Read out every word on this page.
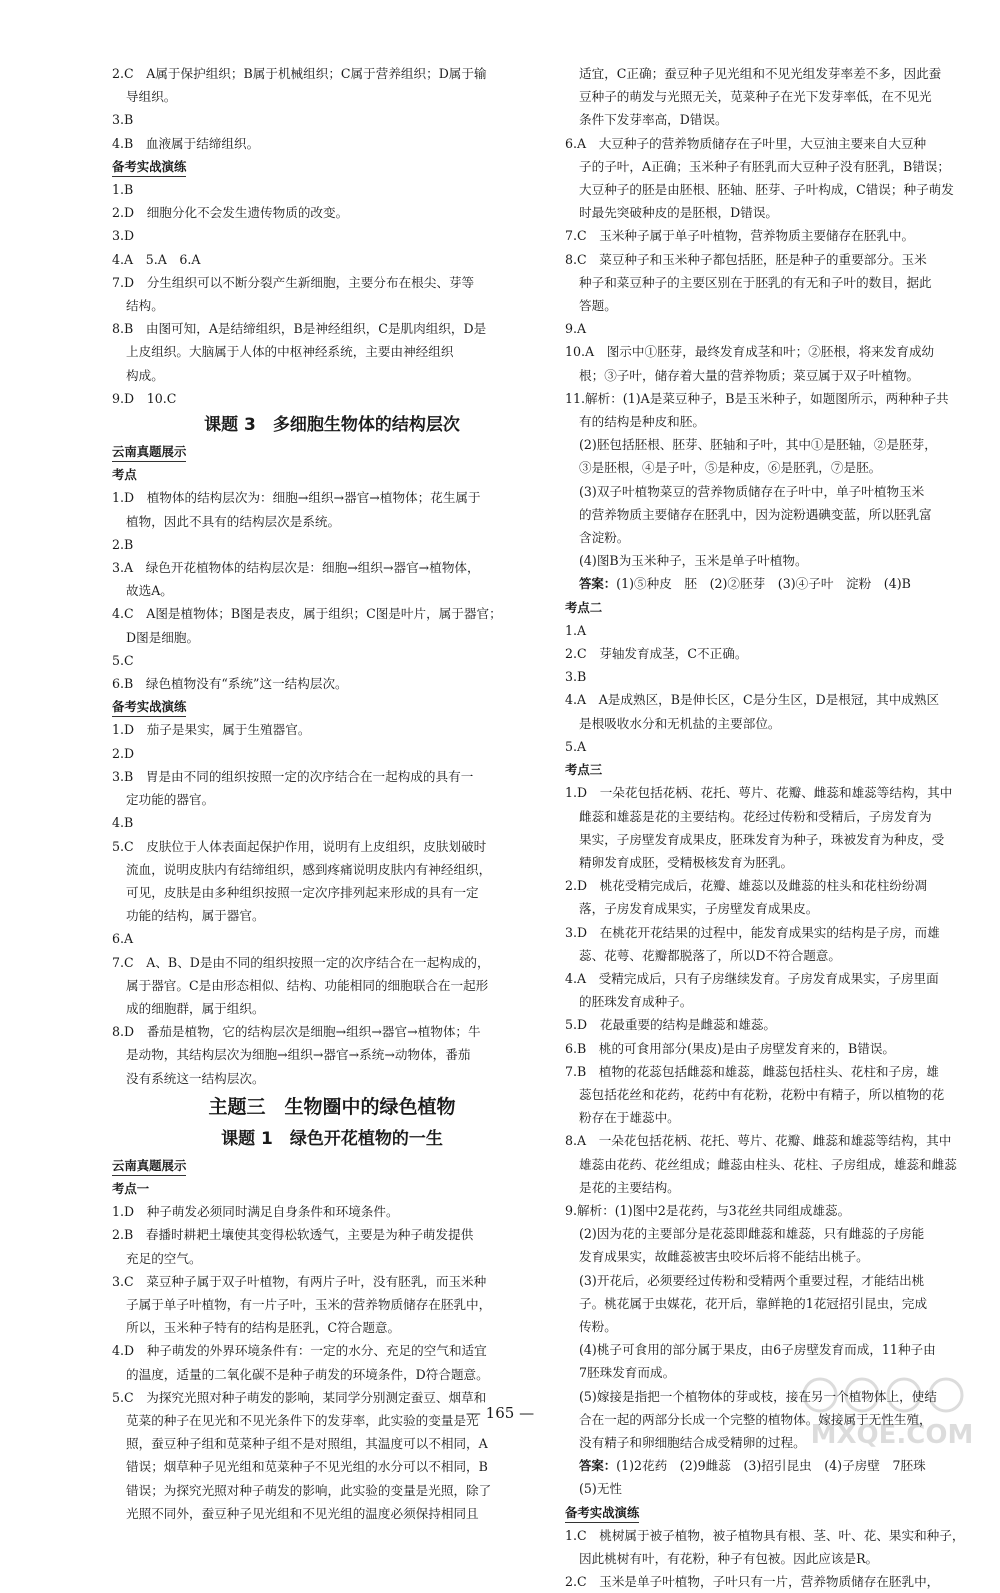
2.C　A属于保护组织；B属于机械组织；C属于营养组织；D属于输
导组织。
3.B
4.B　血液属于结缔组织。
备考实战演练
1.B
2.D　细胞分化不会发生遗传物质的改变。
3.D
4.A　5.A　6.A
7.D　分生组织可以不断分裂产生新细胞，主要分布在根尖、芽等
结构。
8.B　由图可知，A是结缔组织，B是神经组织，C是肌肉组织，D是
上皮组织。大脑属于人体的中枢神经系统，主要由神经组织
构成。
9.D　10.C
课题 3　多细胞生物体的结构层次
云南真题展示
考点
1.D　植物体的结构层次为：细胞→组织→器官→植物体；花生属于
植物，因此不具有的结构层次是系统。
2.B
3.A　绿色开花植物体的结构层次是：细胞→组织→器官→植物体，
故选A。
4.C　A图是植物体；B图是表皮，属于组织；C图是叶片，属于器官；
D图是细胞。
5.C
6.B　绿色植物没有“系统”这一结构层次。
备考实战演练
1.D　茄子是果实，属于生殖器官。
2.D
3.B　胃是由不同的组织按照一定的次序结合在一起构成的具有一
定功能的器官。
4.B
5.C　皮肤位于人体表面起保护作用，说明有上皮组织，皮肤划破时
流血，说明皮肤内有结缔组织，感到疼痛说明皮肤内有神经组织，
可见，皮肤是由多种组织按照一定次序排列起来形成的具有一定
功能的结构，属于器官。
6.A
7.C　A、B、D是由不同的组织按照一定的次序结合在一起构成的，
属于器官。C是由形态相似、结构、功能相同的细胞联合在一起形
成的细胞群，属于组织。
8.D　番茄是植物，它的结构层次是细胞→组织→器官→植物体；牛
是动物，其结构层次为细胞→组织→器官→系统→动物体，番茄
没有系统这一结构层次。
主题三　生物圈中的绿色植物
课题 1　绿色开花植物的一生
云南真题展示
考点一
1.D　种子萌发必须同时满足自身条件和环境条件。
2.B　春播时耕耙土壤使其变得松软透气，主要是为种子萌发提供
充足的空气。
3.C　菜豆种子属于双子叶植物，有两片子叶，没有胚乳，而玉米种
子属于单子叶植物，有一片子叶，玉米的营养物质储存在胚乳中，
所以，玉米种子特有的结构是胚乳，C符合题意。
4.D　种子萌发的外界环境条件有：一定的水分、充足的空气和适宜
的温度，适量的二氧化碳不是种子萌发的环境条件，D符合题意。
5.C　为探究光照对种子萌发的影响，某同学分别测定蚕豆、烟草和
苋菜的种子在见光和不见光条件下的发芽率，此实验的变量是光
照，蚕豆种子组和苋菜种子组不是对照组，其温度可以不相同，A
错误；烟草种子见光组和苋菜种子不见光组的水分可以不相同，B
错误；为探究光照对种子萌发的影响，此实验的变量是光照，除了
光照不同外，蚕豆种子见光组和不见光组的温度必须保持相同且
适宜，C正确；蚕豆种子见光组和不见光组发芽率差不多，因此蚕
豆种子的萌发与光照无关，苋菜种子在光下发芽率低，在不见光
条件下发芽率高，D错误。
6.A　大豆种子的营养物质储存在子叶里，大豆油主要来自大豆种
子的子叶，A正确；玉米种子有胚乳而大豆种子没有胚乳，B错误；
大豆种子的胚是由胚根、胚轴、胚芽、子叶构成，C错误；种子萌发
时最先突破种皮的是胚根，D错误。
7.C　玉米种子属于单子叶植物，营养物质主要储存在胚乳中。
8.C　菜豆种子和玉米种子都包括胚，胚是种子的重要部分。玉米
种子和菜豆种子的主要区别在于胚乳的有无和子叶的数目，据此
答题。
9.A
10.A　图示中①胚芽，最终发育成茎和叶；②胚根，将来发育成幼
根；③子叶，储存着大量的营养物质；菜豆属于双子叶植物。
11.解析：(1)A是菜豆种子，B是玉米种子，如题图所示，两种种子共
有的结构是种皮和胚。
(2)胚包括胚根、胚芽、胚轴和子叶，其中①是胚轴，②是胚芽，
③是胚根，④是子叶，⑤是种皮，⑥是胚乳，⑦是胚。
(3)双子叶植物菜豆的营养物质储存在子叶中，单子叶植物玉米
的营养物质主要储存在胚乳中，因为淀粉遇碘变蓝，所以胚乳富
含淀粉。
(4)图B为玉米种子，玉米是单子叶植物。
答案：(1)⑤种皮　胚　(2)②胚芽　(3)④子叶　淀粉　(4)B
考点二
1.A
2.C　芽轴发育成茎，C不正确。
3.B
4.A　A是成熟区，B是伸长区，C是分生区，D是根冠，其中成熟区
是根吸收水分和无机盐的主要部位。
5.A
考点三
1.D　一朵花包括花柄、花托、萼片、花瓣、雌蕊和雄蕊等结构，其中
雌蕊和雄蕊是花的主要结构。花经过传粉和受精后，子房发育为
果实，子房壁发育成果皮，胚珠发育为种子，珠被发育为种皮，受
精卵发育成胚，受精极核发育为胚乳。
2.D　桃花受精完成后，花瓣、雄蕊以及雌蕊的柱头和花柱纷纷凋
落，子房发育成果实，子房壁发育成果皮。
3.D　在桃花开花结果的过程中，能发育成果实的结构是子房，而雄
蕊、花萼、花瓣都脱落了，所以D不符合题意。
4.A　受精完成后，只有子房继续发育。子房发育成果实，子房里面
的胚珠发育成种子。
5.D　花最重要的结构是雌蕊和雄蕊。
6.B　桃的可食用部分(果皮)是由子房壁发育来的，B错误。
7.B　植物的花蕊包括雌蕊和雄蕊，雌蕊包括柱头、花柱和子房，雄
蕊包括花丝和花药，花药中有花粉，花粉中有精子，所以植物的花
粉存在于雄蕊中。
8.A　一朵花包括花柄、花托、萼片、花瓣、雌蕊和雄蕊等结构，其中
雄蕊由花药、花丝组成；雌蕊由柱头、花柱、子房组成，雄蕊和雌蕊
是花的主要结构。
9.解析：(1)图中2是花药，与3花丝共同组成雄蕊。
(2)因为花的主要部分是花蕊即雌蕊和雄蕊，只有雌蕊的子房能
发育成果实，故雌蕊被害虫咬坏后将不能结出桃子。
(3)开花后，必须要经过传粉和受精两个重要过程，才能结出桃
子。桃花属于虫媒花，花开后，靠鲜艳的1花冠招引昆虫，完成
传粉。
(4)桃子可食用的部分属于果皮，由6子房壁发育而成，11种子由
7胚珠发育而成。
(5)嫁接是指把一个植物体的芽或枝，接在另一个植物体上，使结
合在一起的两部分长成一个完整的植物体。嫁接属于无性生殖，
没有精子和卵细胞结合成受精卵的过程。
答案：(1)2花药　(2)9雌蕊　(3)招引昆虫　(4)子房壁　7胚珠
(5)无性
备考实战演练
1.C　桃树属于被子植物，被子植物具有根、茎、叶、花、果实和种子，
因此桃树有叶，有花粉，种子有包被。因此应该是R。
2.C　玉米是单子叶植物，子叶只有一片，营养物质储存在胚乳中，
— 165 —
MXQE.COM
